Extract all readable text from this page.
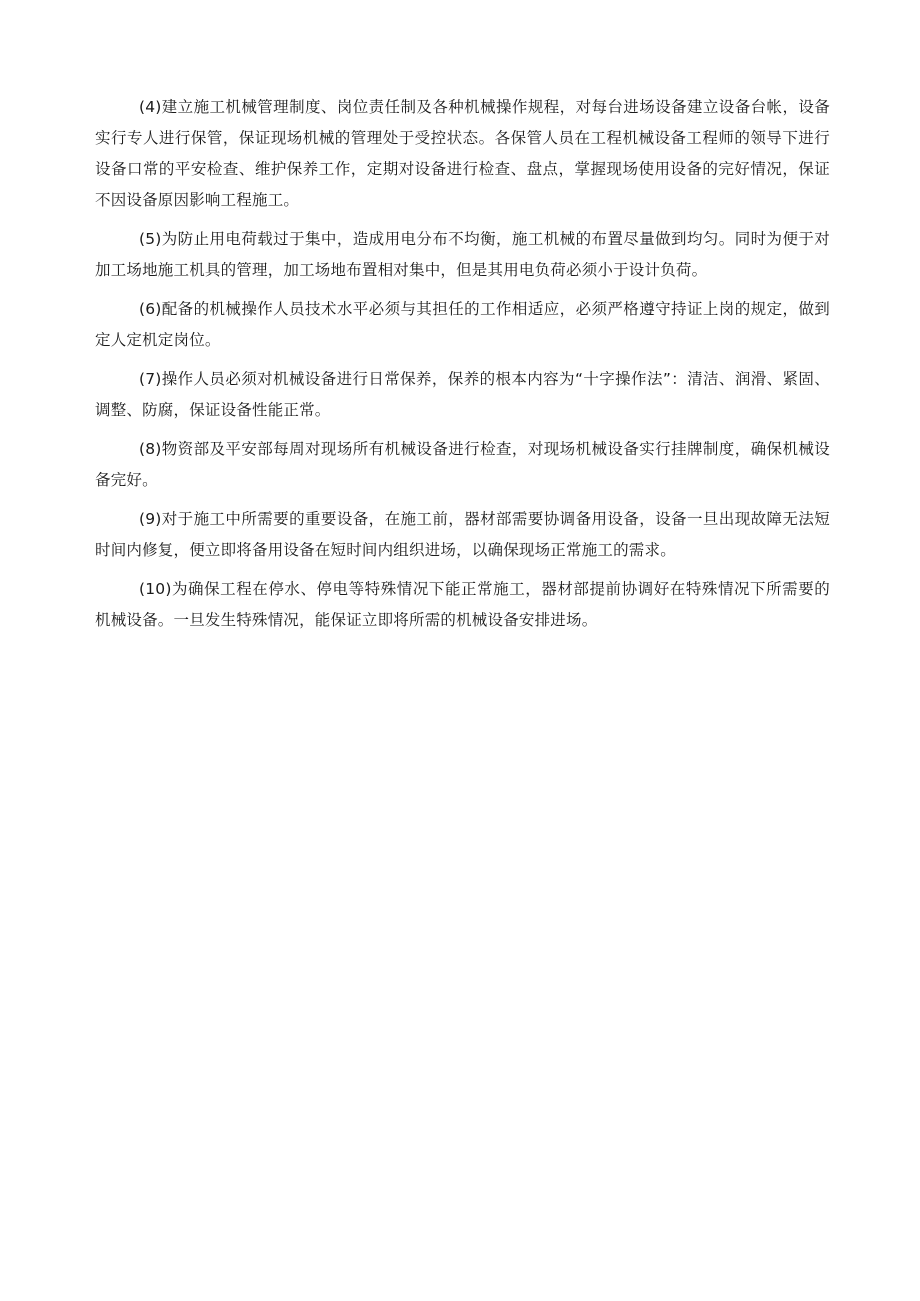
(4)建立施工机械管理制度、岗位责任制及各种机械操作规程，对每台进场设备建立设备台帐，设备实行专人进行保管，保证现场机械的管理处于受控状态。各保管人员在工程机械设备工程师的领导下进行设备口常的平安检查、维护保养工作，定期对设备进行检查、盘点，掌握现场使用设备的完好情况，保证不因设备原因影响工程施工。

(5)为防止用电荷载过于集中，造成用电分布不均衡，施工机械的布置尽量做到均匀。同时为便于对加工场地施工机具的管理，加工场地布置相对集中，但是其用电负荷必须小于设计负荷。

(6)配备的机械操作人员技术水平必须与其担任的工作相适应，必须严格遵守持证上岗的规定，做到定人定机定岗位。

(7)操作人员必须对机械设备进行日常保养，保养的根本内容为“十字操作法”：清洁、润滑、紧固、调整、防腐，保证设备性能正常。

(8)物资部及平安部每周对现场所有机械设备进行检查，对现场机械设备实行挂牌制度，确保机械设备完好。

(9)对于施工中所需要的重要设备，在施工前，器材部需要协调备用设备，设备一旦出现故障无法短时间内修复，便立即将备用设备在短时间内组织进场，以确保现场正常施工的需求。

(10)为确保工程在停水、停电等特殊情况下能正常施工，器材部提前协调好在特殊情况下所需要的机械设备。一旦发生特殊情况，能保证立即将所需的机械设备安排进场。
